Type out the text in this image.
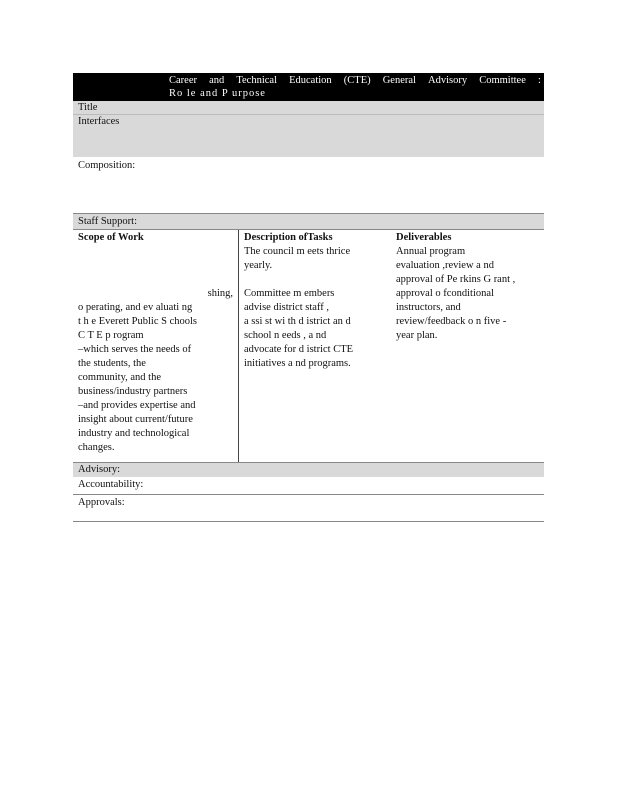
Career and Technical Education (CTE) General Advisory Committee :
Ro le and P urpose
Title
Interfaces
Composition:
Staff Support:
Scope of Work
shing,
o perating, and ev aluati ng
t h e Everett Public S chools
C T E p rogram
–which serves the needs of
the students, the
community, and the
business/industry partners
–and provides expertise and
insight about current/future
industry and technological
changes.
Description ofTasks
The council m eets thrice
yearly.
Committee m embers
advise district staff ,
a ssi st wi th d istrict an d
school n eeds , a nd
advocate for d istrict CTE
initiatives a nd programs.
Deliverables
Annual program
evaluation ,review a nd
approval of Pe rkins G rant ,
approval o fconditional
instructors, and
review/feedback o n five -
year plan.
Advisory:
Accountability:
Approvals:
